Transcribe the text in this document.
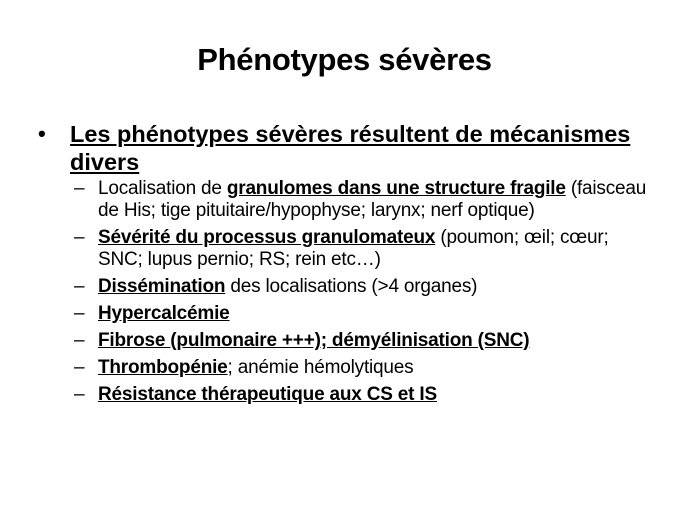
Phénotypes sévères
• Les phénotypes sévères résultent de mécanismes divers
– Localisation de granulomes dans une structure fragile (faisceau de His; tige pituitaire/hypophyse; larynx; nerf optique)
– Sévérité du processus granulomateux (poumon; œil; cœur; SNC; lupus pernio; RS; rein etc…)
– Dissémination des localisations (>4 organes)
– Hypercalcémie
– Fibrose (pulmonaire +++); démyélinisation (SNC)
– Thrombopénie; anémie hémolytiques
– Résistance thérapeutique aux CS et IS
